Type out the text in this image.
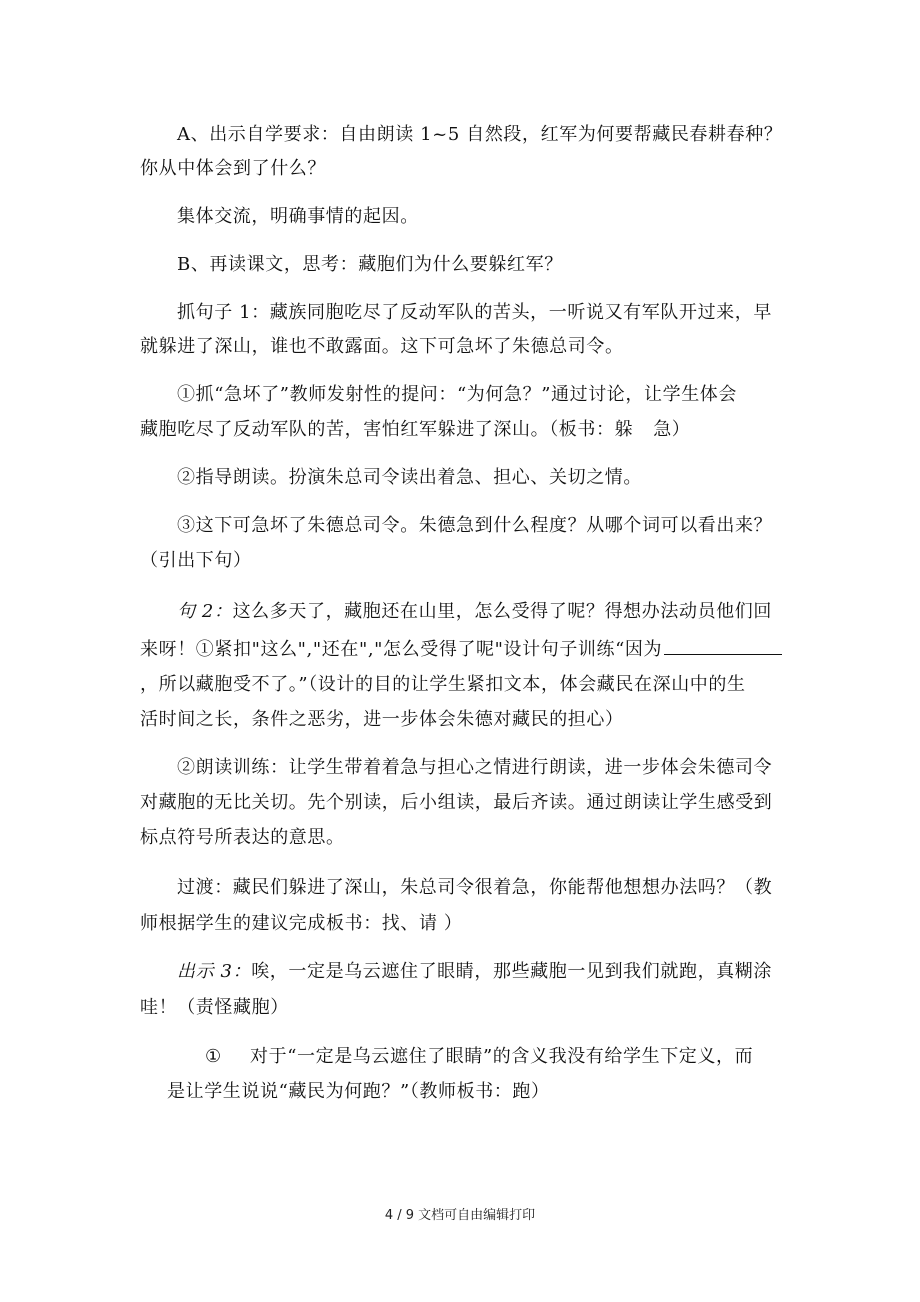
A、出示自学要求：自由朗读 1~5 自然段，红军为何要帮藏民春耕春种？
你从中体会到了什么？
集体交流，明确事情的起因。
B、再读课文，思考：藏胞们为什么要躲红军？
抓句子 1：藏族同胞吃尽了反动军队的苦头，一听说又有军队开过来，早
就躲进了深山，谁也不敢露面。这下可急坏了朱德总司令。
①抓“急坏了”教师发射性的提问：“为何急？”通过讨论，让学生体会
藏胞吃尽了反动军队的苦，害怕红军躲进了深山。（板书：躲 急）
②指导朗读。扮演朱总司令读出着急、担心、关切之情。
③这下可急坏了朱德总司令。朱德急到什么程度？从哪个词可以看出来？
（引出下句）
句 2：这么多天了，藏胞还在山里，怎么受得了呢？得想办法动员他们回
来呀！①紧扣"这么","还在","怎么受得了呢"设计句子训练“因为
，所以藏胞受不了。”（设计的目的让学生紧扣文本，体会藏民在深山中的生
活时间之长，条件之恶劣，进一步体会朱德对藏民的担心）
②朗读训练：让学生带着着急与担心之情进行朗读，进一步体会朱德司令
对藏胞的无比关切。先个别读，后小组读，最后齐读。通过朗读让学生感受到
标点符号所表达的意思。
过渡：藏民们躲进了深山，朱总司令很着急，你能帮他想想办法吗？（教
师根据学生的建议完成板书：找、请 ）
出示 3：唉，一定是乌云遮住了眼睛，那些藏胞一见到我们就跑，真糊涂
哇！（责怪藏胞）
① 对于“一定是乌云遮住了眼睛”的含义我没有给学生下定义，而
是让学生说说“藏民为何跑？”（教师板书：跑）
4 / 9 文档可自由编辑打印
